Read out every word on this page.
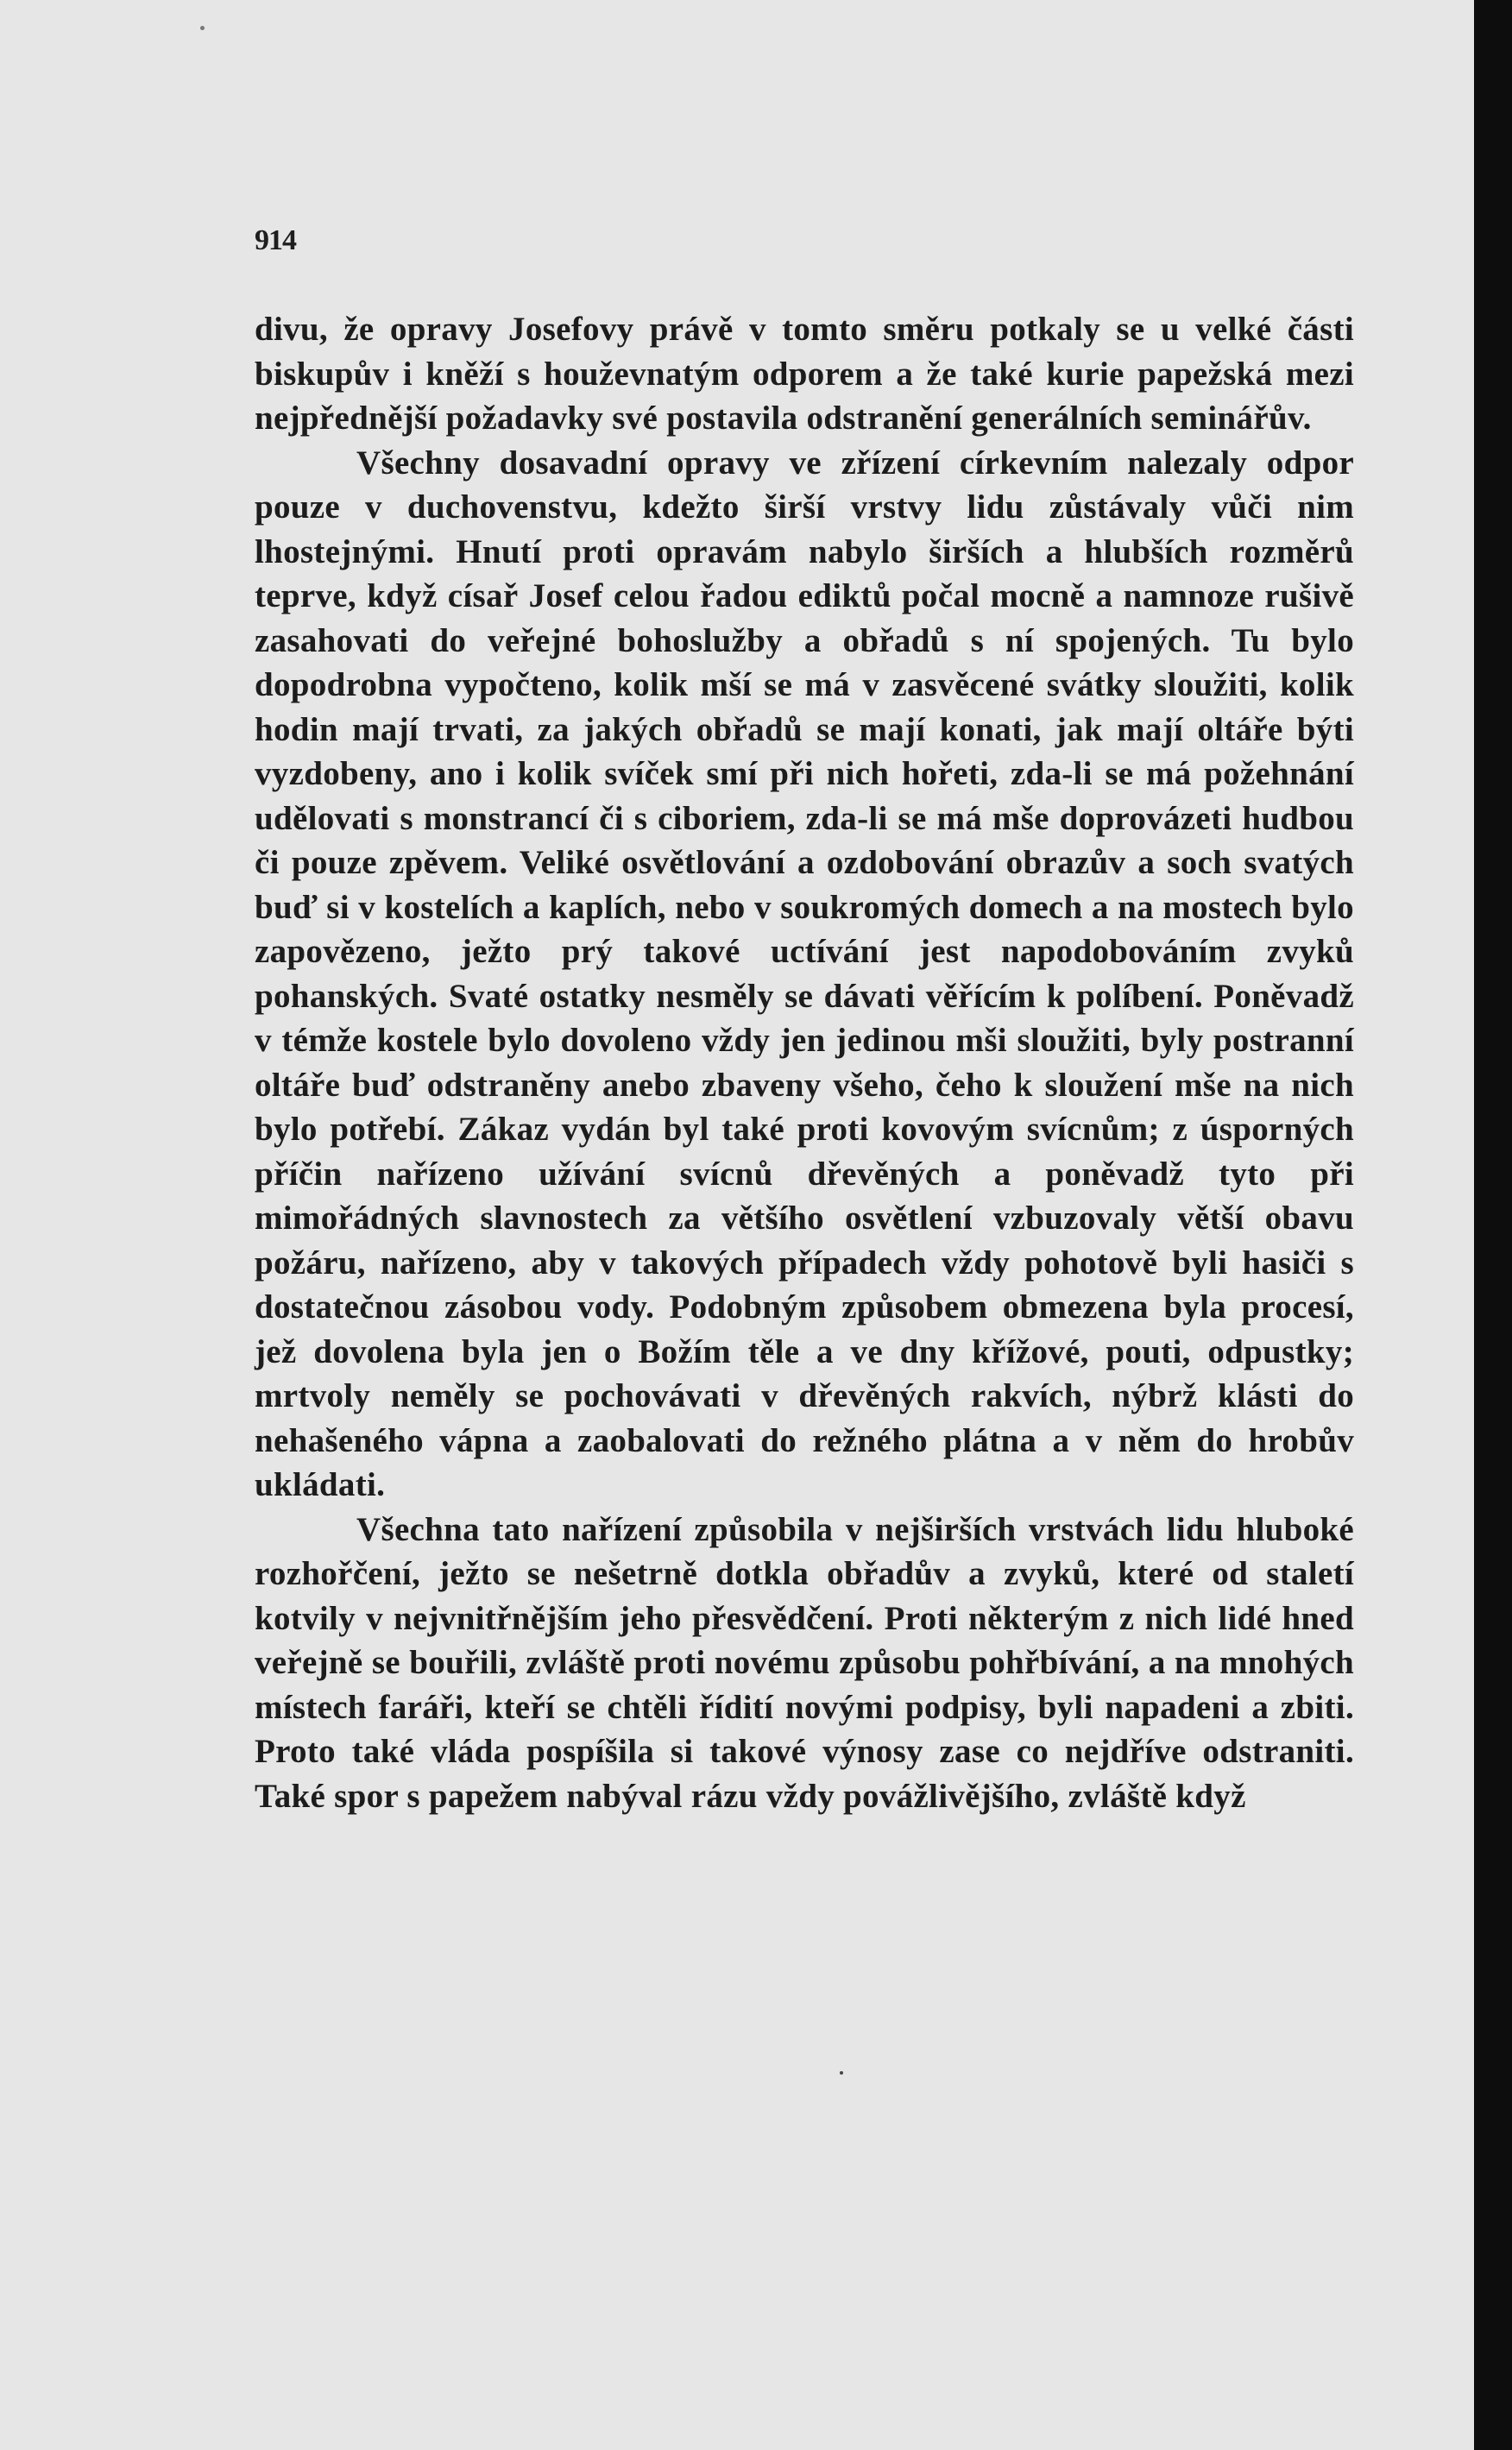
914

divu, že opravy Josefovy právě v tomto směru potkaly se u velké části biskupův i kněží s houževnatým odporem a že také kurie papežská mezi nejpřednější požadavky své postavila odstranění generálních seminářův.

Všechny dosavadní opravy ve zřízení církevním nalezaly odpor pouze v duchovenstvu, kdežto širší vrstvy lidu zůstávaly vůči nim lhostejnými. Hnutí proti opravám nabylo širších a hlubších rozměrů teprve, když císař Josef celou řadou ediktů počal mocně a namnoze rušivě zasahovati do veřejné bohoslužby a obřadů s ní spojených. Tu bylo dopodrobna vypočteno, kolik mší se má v zasvěcené svátky sloužiti, kolik hodin mají trvati, za jakých obřadů se mají konati, jak mají oltáře býti vyzdobeny, ano i kolik svíček smí při nich hořeti, zda-li se má požehnání udělovati s monstrancí či s ciboriem, zda-li se má mše doprovázeti hudbou či pouze zpěvem. Veliké osvětlování a ozdobování obrazův a soch svatých buď si v kostelích a kaplích, nebo v soukromých domech a na mostech bylo zapovězeno, ježto prý takové uctívání jest napodobováním zvyků pohanských. Svaté ostatky nesměly se dávati věřícím k políbení. Poněvadž v témže kostele bylo dovoleno vždy jen jedinou mši sloužiti, byly postranní oltáře buď odstraněny anebo zbaveny všeho, čeho k sloužení mše na nich bylo potřebí. Zákaz vydán byl také proti kovovým svícnům; z úsporných příčin nařízeno užívání svícnů dřevěných a poněvadž tyto při mimořádných slavnostech za většího osvětlení vzbuzovaly větší obavu požáru, nařízeno, aby v takových případech vždy pohotově byli hasiči s dostatečnou zásobou vody. Podobným způsobem obmezena byla procesí, jež dovolena byla jen o Božím těle a ve dny křížové, pouti, odpustky; mrtvoly neměly se pochovávati v dřevěných rakvích, nýbrž klásti do nehašeného vápna a zaobalovati do režného plátna a v něm do hrobův ukládati.

Všechna tato nařízení způsobila v nejširších vrstvách lidu hluboké rozhořčení, ježto se nešetrně dotkla obřadův a zvyků, které od staletí kotvily v nejvnitřnějším jeho přesvědčení. Proti některým z nich lidé hned veřejně se bouřili, zvláště proti novému způsobu pohřbívání, a na mnohých místech faráři, kteří se chtěli řídití novými podpisy, byli napadeni a zbiti. Proto také vláda pospíšila si takové výnosy zase co nejdříve odstraniti. Také spor s papežem nabýval rázu vždy povážlivějšího, zvláště když
